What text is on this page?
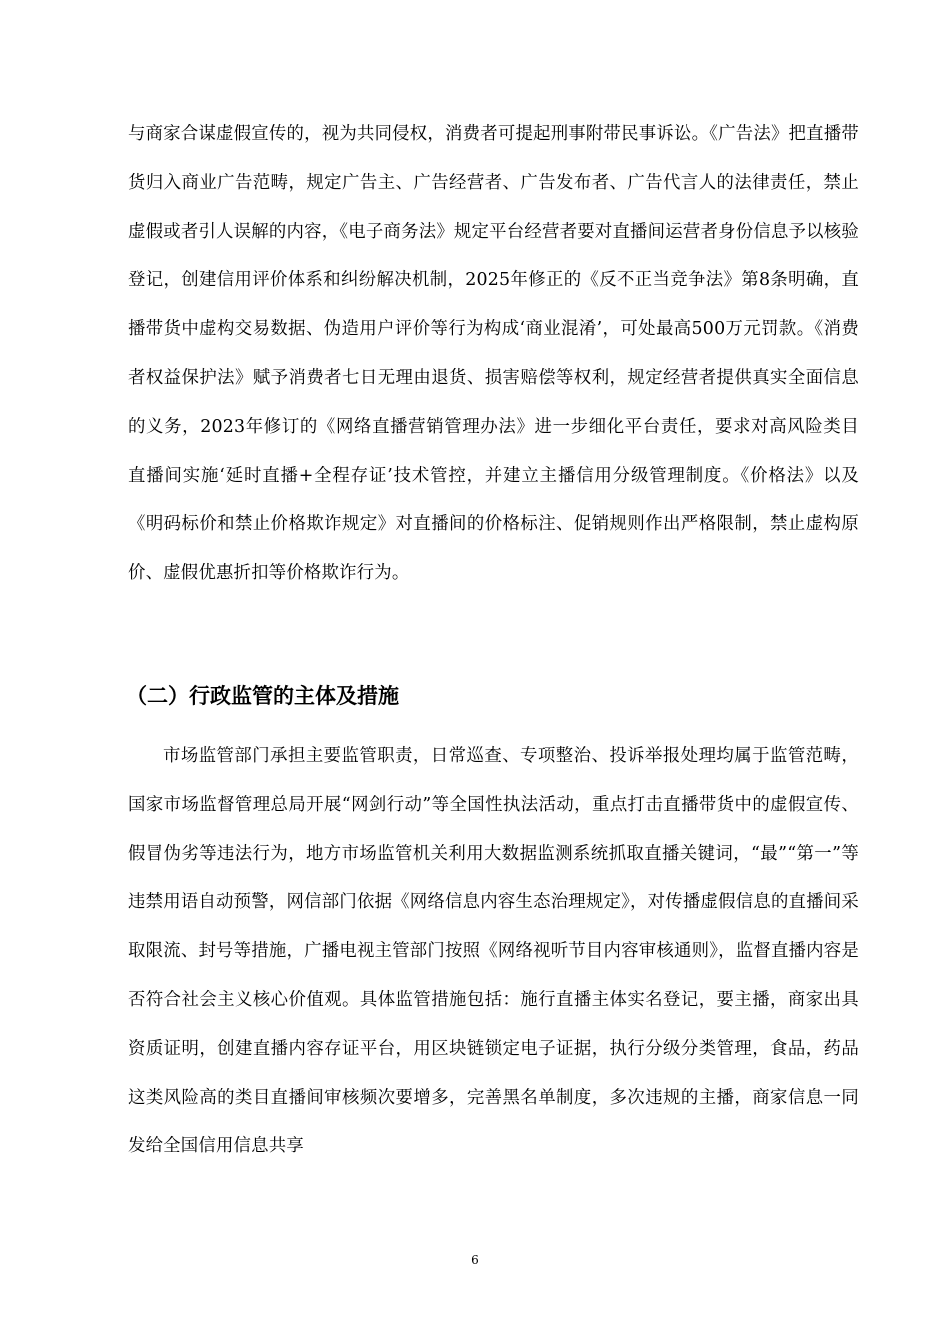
与商家合谋虚假宣传的，视为共同侵权，消费者可提起刑事附带民事诉讼。《广告法》把直播带货归入商业广告范畴，规定广告主、广告经营者、广告发布者、广告代言人的法律责任，禁止虚假或者引人误解的内容，《电子商务法》规定平台经营者要对直播间运营者身份信息予以核验登记，创建信用评价体系和纠纷解决机制，2025年修正的《反不正当竞争法》第8条明确，直播带货中虚构交易数据、伪造用户评价等行为构成‘商业混淆’，可处最高500万元罚款。《消费者权益保护法》赋予消费者七日无理由退货、损害赔偿等权利，规定经营者提供真实全面信息的义务，2023年修订的《网络直播营销管理办法》进一步细化平台责任，要求对高风险类目直播间实施‘延时直播+全程存证’技术管控，并建立主播信用分级管理制度。《价格法》以及《明码标价和禁止价格欺诈规定》对直播间的价格标注、促销规则作出严格限制，禁止虚构原价、虚假优惠折扣等价格欺诈行为。

（二）行政监管的主体及措施

市场监管部门承担主要监管职责，日常巡查、专项整治、投诉举报处理均属于监管范畴，国家市场监督管理总局开展“网剑行动”等全国性执法活动，重点打击直播带货中的虚假宣传、假冒伪劣等违法行为，地方市场监管机关利用大数据监测系统抓取直播关键词，“最”“第一”等违禁用语自动预警，网信部门依据《网络信息内容生态治理规定》，对传播虚假信息的直播间采取限流、封号等措施，广播电视主管部门按照《网络视听节目内容审核通则》，监督直播内容是否符合社会主义核心价值观。具体监管措施包括：施行直播主体实名登记，要主播，商家出具资质证明，创建直播内容存证平台，用区块链锁定电子证据，执行分级分类管理，食品，药品这类风险高的类目直播间审核频次要增多，完善黑名单制度，多次违规的主播，商家信息一同发给全国信用信息共享

6
